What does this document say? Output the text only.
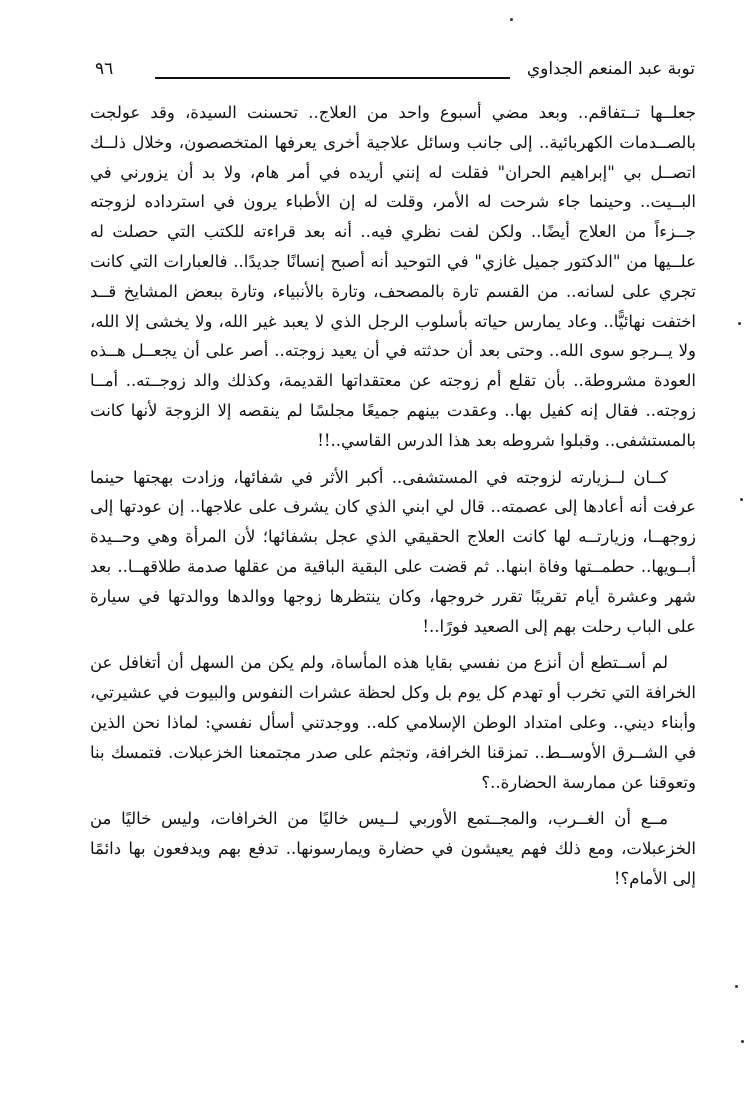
توبة عبد المنعم الجداوي
٩٦

جعلــها تــتفاقم.. وبعد مضي أسبوع واحد من العلاج.. تحسنت السيدة، وقد عولجت بالصــدمات الكهربائية.. إلى جانب وسائل علاجية أخرى يعرفها المتخصصون، وخلال ذلــك اتصــل بي "إبراهيم الحران" فقلت له إنني أريده في أمر هام، ولا بد أن يزورني في البــيت.. وحينما جاء شرحت له الأمر، وقلت له إن الأطباء يرون في استرداده لزوجته جــزءاً من العلاج أيضًا.. ولكن لفت نظري فيه.. أنه بعد قراءته للكتب التي حصلت له علــيها من "الدكتور جميل غازي" في التوحيد أنه أصبح إنسانًا جديدًا.. فالعبارات التي كانت تجري على لسانه.. من القسم تارة بالمصحف، وتارة بالأنبياء، وتارة ببعض المشايخ قــد اختفت نهائيًّا.. وعاد يمارس حياته بأسلوب الرجل الذي لا يعبد غير الله، ولا يخشى إلا الله، ولا يــرجو سوى الله.. وحتى بعد أن حدثته في أن يعيد زوجته.. أصر على أن يجعــل هــذه العودة مشروطة.. بأن تقلع أم زوجته عن معتقداتها القديمة، وكذلك والد زوجــته.. أمــا زوجته.. فقال إنه كفيل بها.. وعقدت بينهم جميعًا مجلسًا لم ينقصه إلا الزوجة لأنها كانت بالمستشفى.. وقبلوا شروطه بعد هذا الدرس القاسي..!!

كــان لــزيارته لزوجته في المستشفى.. أكبر الأثر في شفائها، وزادت بهجتها حينما عرفت أنه أعادها إلى عصمته.. قال لي ابني الذي كان يشرف على علاجها.. إن عودتها إلى زوجهــا، وزيارتــه لها كانت العلاج الحقيقي الذي عجل بشفائها؛ لأن المرأة وهي وحــيدة أبــويها.. حطمــتها وفاة ابنها.. ثم قضت على البقية الباقية من عقلها صدمة طلاقهــا.. بعد شهر وعشرة أيام تقريبًا تقرر خروجها، وكان ينتظرها زوجها ووالدها ووالدتها في سيارة على الباب رحلت بهم إلى الصعيد فورًا..!

لم أســتطع أن أنزع من نفسي بقايا هذه المأساة، ولم يكن من السهل أن أتغافل عن الخرافة التي تخرب أو تهدم كل يوم بل وكل لحظة عشرات النفوس والبيوت في عشيرتي، وأبناء ديني.. وعلى امتداد الوطن الإسلامي كله.. ووجدتني أسأل نفسي: لماذا نحن الذين في الشــرق الأوســط.. تمزقنا الخرافة، وتجثم على صدر مجتمعنا الخزعبلات. فتمسك بنا وتعوقنا عن ممارسة الحضارة..؟

مــع أن الغــرب، والمجــتمع الأوربي لــيس خاليًا من الخرافات، وليس خاليًا من الخزعبلات، ومع ذلك فهم يعيشون في حضارة ويمارسونها.. تدفع بهم ويدفعون بها دائمًا إلى الأمام؟!
